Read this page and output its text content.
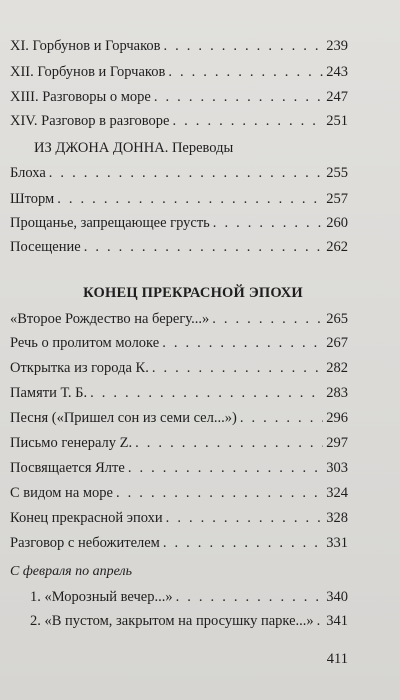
XI. Горбунов и Горчаков . . .	239
XII. Горбунов и Горчаков . . .	243
XIII. Разговоры о море . . .	247
XIV. Разговор в разговоре . . .	251
ИЗ ДЖОНА ДОННА. Переводы
Блоха . . .	255
Шторм . . .	257
Прощанье, запрещающее грусть . . .	260
Посещение . . .	262
КОНЕЦ ПРЕКРАСНОЙ ЭПОХИ
«Второе Рождество на берегу...» . . .	265
Речь о пролитом молоке . . .	267
Открытка из города К. . . .	282
Памяти Т. Б. . . .	283
Песня («Пришел сон из семи сел...») . . .	296
Письмо генералу Z. . . .	297
Посвящается Ялте . . .	303
С видом на море . . .	324
Конец прекрасной эпохи . . .	328
Разговор с небожителем . . .	331
С февраля по апрель
1. «Морозный вечер...» . . .	340
2. «В пустом, закрытом на просушку парке...» . . . 341
411
